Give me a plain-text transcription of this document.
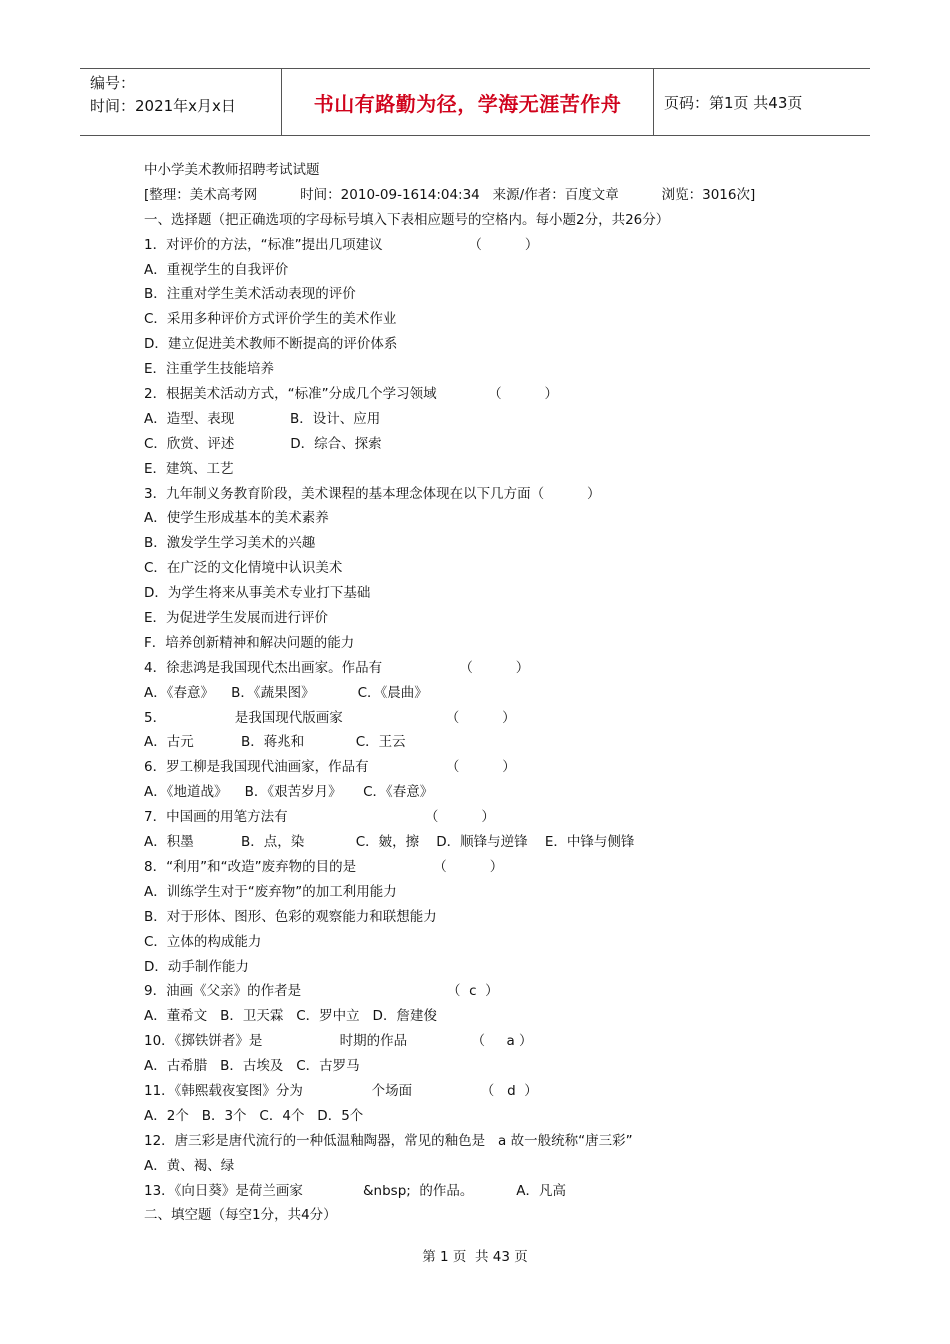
编号：
时间：2021年x月x日	书山有路勤为径，学海无涯苦作舟	页码：第1页 共43页
中小学美术教师招聘考试试题
[整理：美术高考网          时间：2010-09-1614:04:34   来源/作者：百度文章          浏览：3016次]
一、选择题（把正确选项的字母标号填入下表相应题号的空格内。每小题2分，共26分）
1．对评价的方法，“标准”提出几项建议                    （          ）
A．重视学生的自我评价
B．注重对学生美术活动表现的评价
C．采用多种评价方式评价学生的美术作业
D．建立促进美术教师不断提高的评价体系
E．注重学生技能培养
2．根据美术活动方式，“标准”分成几个学习领域            （          ）
A．造型、表现             B．设计、应用
C．欣赏、评述             D．综合、探索
E．建筑、工艺
3．九年制义务教育阶段，美术课程的基本理念体现在以下几方面（          ）
A．使学生形成基本的美术素养
B．激发学生学习美术的兴趣
C．在广泛的文化情境中认识美术
D．为学生将来从事美术专业打下基础
E．为促进学生发展而进行评价
F．培养创新精神和解决问题的能力
4．徐悲鸿是我国现代杰出画家。作品有                  （          ）
A．《春意》    B．《蔬果图》          C．《晨曲》
5．                是我国现代版画家                        （          ）
A．古元           B．蒋兆和            C．王云
6．罗工柳是我国现代油画家，作品有                  （          ）
A．《地道战》    B．《艰苦岁月》     C．《春意》
7．中国画的用笔方法有                                （          ）
A．积墨           B．点，染            C．皴，擦    D．顺锋与逆锋    E．中锋与侧锋
8．“利用”和“改造”废弃物的目的是                  （          ）
A．训练学生对于“废弃物”的加工利用能力
B．对于形体、图形、色彩的观察能力和联想能力
C．立体的构成能力
D．动手制作能力
9．油画《父亲》的作者是                                  （  c  ）
A．董希文   B．卫天霖   C．罗中立   D．詹建俊
10．《掷铁饼者》是                  时期的作品               （     a ）
A．古希腊   B．古埃及   C．古罗马
11．《韩熙载夜宴图》分为                个场面                （   d  ）
A．2个   B．3个   C．4个   D．5个
12．唐三彩是唐代流行的一种低温釉陶器，常见的釉色是   a 故一般统称“唐三彩”
A．黄、褐、绿
13．《向日葵》是荷兰画家              &nbsp;  的作品。          A．凡高
二、填空题（每空1分，共4分）
第 1 页  共 43 页
